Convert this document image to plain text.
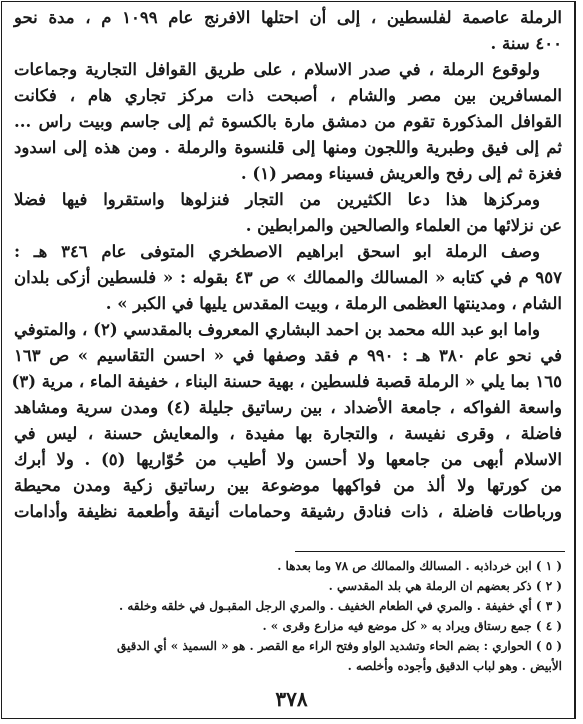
الرملة عاصمة لفلسطين ، إلى أن احتلها الافرنج عام ١٠٩٩ م ، مدة نحو
٤٠٠ سنة .
ولوقوع الرملة ، في صدر الاسلام ، على طريق القوافل التجارية وجماعات
المسافرين بين مصر والشام ، أصبحت ذات مركز تجاري هام ، فكانت
القوافل المذكورة تقوم من دمشق مارة بالكسوة ثم إلى جاسم وبيت راس ...
ثم إلى فيق وطبرية واللجون ومنها إلى قلنسوة والرملة . ومن هذه إلى اسدود
فغزة ثم إلى رفح والعريش فسيناء ومصر (١) .
ومركزها هذا دعا الكثيرين من التجار فنزلوها واستقروا فيها فضلا
عن نزلائها من العلماء والصالحين والمرابطين .
وصف الرملة ابو اسحق ابراهيم الاصطخري المتوفى عام ٣٤٦ هـ :
٩٥٧ م في كتابه « المسالك والممالك » ص ٤٣ بقوله : « فلسطين أزكى بلدان
الشام ، ومدينتها العظمى الرملة ، وبيت المقدس يليها في الكبر » .
واما ابو عبد الله محمد بن احمد البشاري المعروف بالمقدسي (٢) ، والمتوفي
في نحو عام ٣٨٠ هـ : ٩٩٠ م فقد وصفها في « احسن التقاسيم » ص ١٦٣
١٦٥ بما يلي « الرملة قصبة فلسطين ، بهية حسنة البناء ، خفيفة الماء ، مرية (٣)
واسعة الفواكه ، جامعة الأضداد ، بين رساتيق جليلة (٤) ومدن سرية ومشاهد
فاضلة ، وقرى نفيسة ، والتجارة بها مفيدة ، والمعايش حسنة ، ليس في
الاسلام أبهى من جامعها ولا أحسن ولا أطيب من حُوّاريها (٥) . ولا أبرك
من كورتها ولا ألذ من فواكهها موضوعة بين رساتيق زكية ومدن محيطة
ورباطات فاضلة ، ذات فنادق رشيقة وحمامات أنيقة وأطعمة نظيفة وأدامات
( ١ ) ابن خرداذبه . المسالك والممالك ص ٧٨ وما بعدها .
( ٢ ) ذكر بعضهم ان الرملة هي بلد المقدسي .
( ٣ ) أي خفيفة . والمري في الطعام الخفيف . والمري الرجل المقبـول في خلقه وخلقه .
( ٤ ) جمع رستاق ويراد به « كل موضع فيه مزارع وقرى » .
( ٥ ) الحواري : بضم الحاء وتشديد الواو وفتح الراء مع القصر . هو « السميذ » أي الدقيق
الأبيض . وهو لباب الدقيق وأجوده وأخلصه .
٣٧٨
